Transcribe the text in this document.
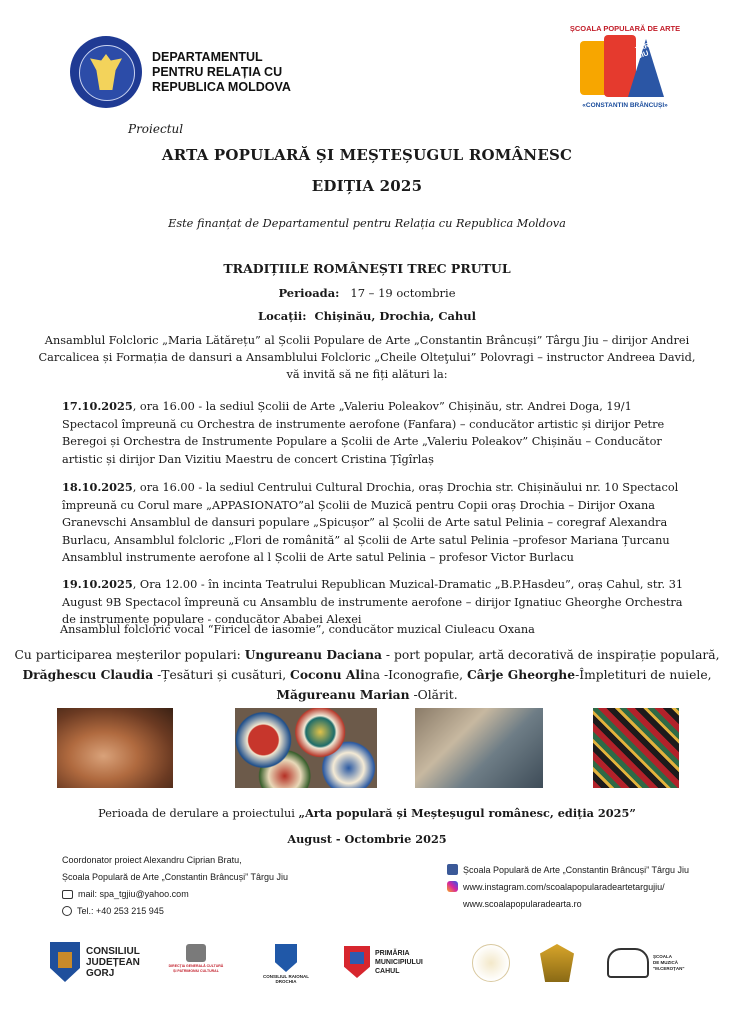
DEPARTAMENTUL
PENTRU RELAȚIA CU
REPUBLICA MOLDOVA
ȘCOALA POPULARĂ DE ARTE
TÂRGU JIU
«CONSTANTIN BRÂNCUȘI»
Proiectul
ARTA POPULARĂ ȘI MEȘTEȘUGUL ROMÂNESC
EDIȚIA 2025
Este finanțat de Departamentul pentru Relația cu Republica Moldova
TRADIȚIILE ROMÂNEȘTI TREC PRUTUL
Perioada: 17 – 19 octombrie
Locații: Chișinău, Drochia, Cahul
Ansamblul Folcloric „Maria Lătărețu” al Școlii Populare de Arte „Constantin Brâncuși” Târgu Jiu – dirijor Andrei
Carcalicea și Formația de dansuri a Ansamblului Folcloric „Cheile Olteţului” Polovragi – instructor Andreea David,
vă invită să ne fiți alături la:
17.10.2025, ora 16.00 - la sediul Școlii de Arte „Valeriu Poleakov” Chișinău, str. Andrei Doga, 19/1 Spectacol împreună cu Orchestra de instrumente aerofone (Fanfara) – conducător artistic și dirijor Petre Beregoi și Orchestra de Instrumente Populare a Școlii de Arte „Valeriu Poleakov” Chișinău – Conducător artistic și dirijor Dan Vizitiu Maestru de concert Cristina Țîgîrlaș
18.10.2025, ora 16.00 - la sediul Centrului Cultural Drochia, oraș Drochia str. Chișinăului nr. 10 Spectacol împreună cu Corul mare „APPASIONATO”al Școlii de Muzică pentru Copii oraș Drochia – Dirijor Oxana Granevschi Ansamblul de dansuri populare „Spicușor” al Școlii de Arte satul Pelinia – coregraf Alexandra Burlacu, Ansamblul folcloric „Flori de românită” al Școlii de Arte satul Pelinia –profesor Mariana Țurcanu Ansamblul instrumente aerofone al l Școlii de Arte satul Pelinia – profesor Victor Burlacu
19.10.2025, Ora 12.00 - în incinta Teatrului Republican Muzical-Dramatic „B.P.Hasdeu”, oraș Cahul, str. 31 August 9B Spectacol împreună cu Ansamblu de instrumente aerofone – dirijor Ignatiuc Gheorghe Orchestra de instrumente populare - conducător Ababei Alexei
Ansamblul folcloric vocal “Firicel de iasomie”, conducător muzical Ciuleacu Oxana
Cu participarea meșterilor populari: Ungureanu Daciana - port popular, artă decorativă de inspirație populară,
Drăghescu Claudia -Țesături și cusături, Coconu Alina -Iconografie, Cârje Gheorghe-Împletituri de nuiele,
Măgureanu Marian -Olărit.
Perioada de derulare a proiectului „Arta populară și Meșteșugul românesc, ediția 2025”
August - Octombrie 2025
Coordonator proiect Alexandru Ciprian Bratu,
Școala Populară de Arte „Constantin Brâncuși” Târgu Jiu
mail: spa_tgjiu@yahoo.com
Tel.: +40 253 215 945
Școala Populară de Arte „Constantin Brâncuși” Târgu Jiu
www.instagram.com/scoalapopularadeartetargujiu/
www.scoalapopularadearta.ro
CONSILIUL
JUDEȚEAN
GORJ
DIRECȚIA GENERALĂ CULTURĂ ȘI PATRIMONIU CULTURAL
CONSILIUL RAIONAL DROCHIA
PRIMĂRIA
MUNICIPIULUI
CAHUL
ȘCOALA
DE MUZICĂ
"M.CEROȚAN"
